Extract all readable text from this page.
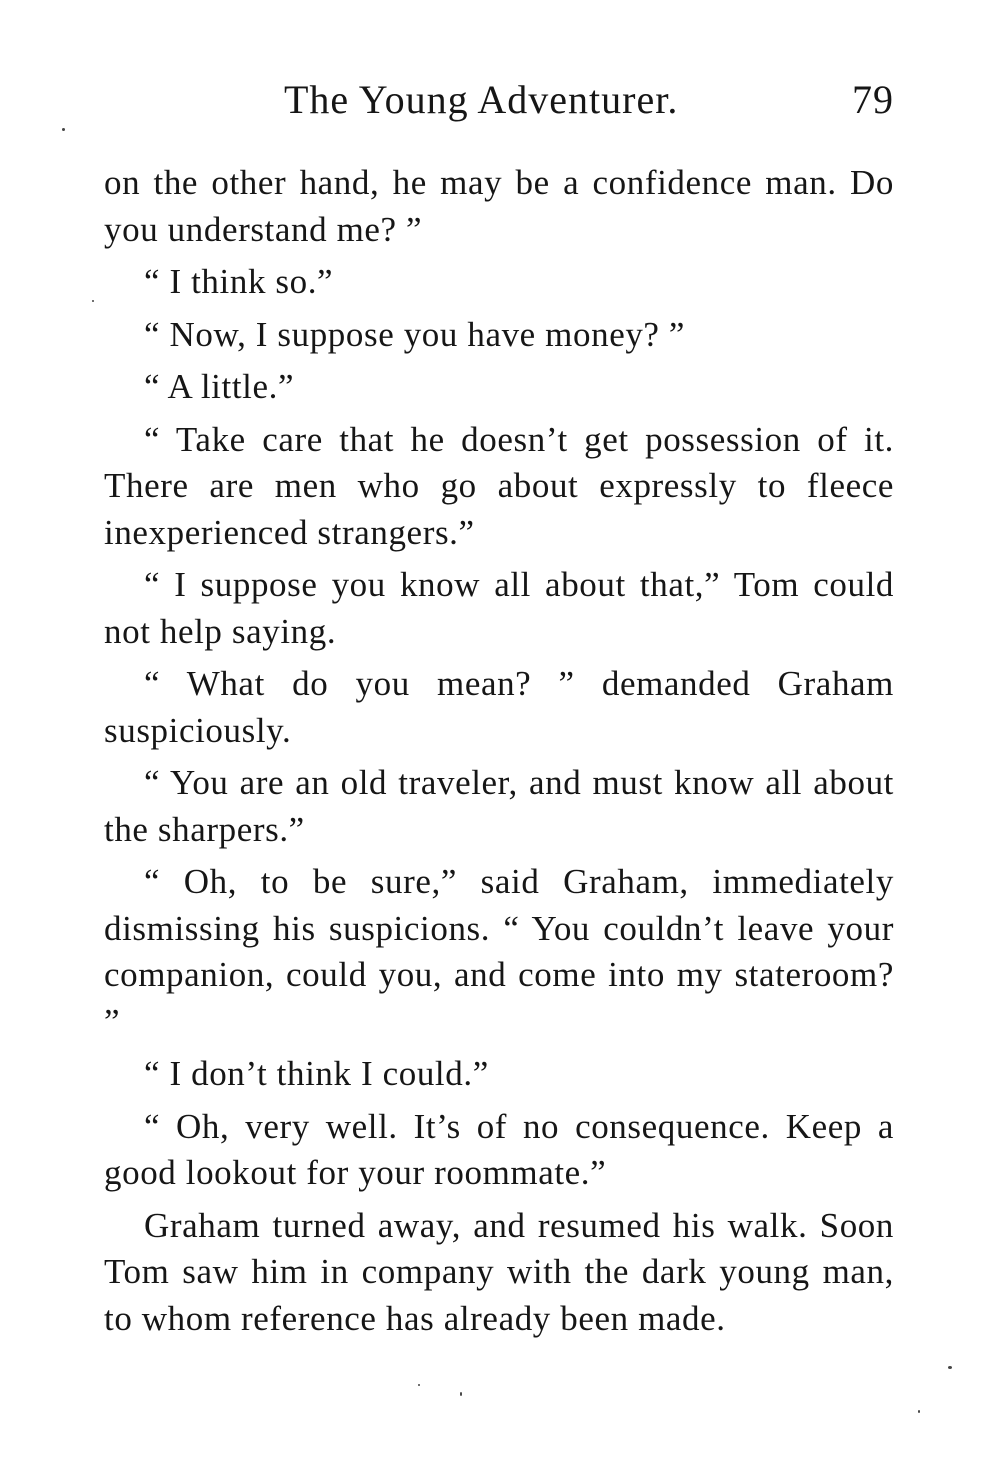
The Young Adventurer.	79

on the other hand, he may be a confidence man. Do you understand me? ”

“ I think so.”

“ Now, I suppose you have money? ”

“ A little.”

“ Take care that he doesn’t get possession of it. There are men who go about expressly to fleece inexperienced strangers.”

“ I suppose you know all about that,” Tom could not help saying.

“ What do you mean? ” demanded Graham suspiciously.

“ You are an old traveler, and must know all about the sharpers.”

“ Oh, to be sure,” said Graham, immediately dismissing his suspicions. “ You couldn’t leave your companion, could you, and come into my stateroom? ”

“ I don’t think I could.”

“ Oh, very well. It’s of no consequence. Keep a good lookout for your roommate.”

Graham turned away, and resumed his walk. Soon Tom saw him in company with the dark young man, to whom reference has already been made.
